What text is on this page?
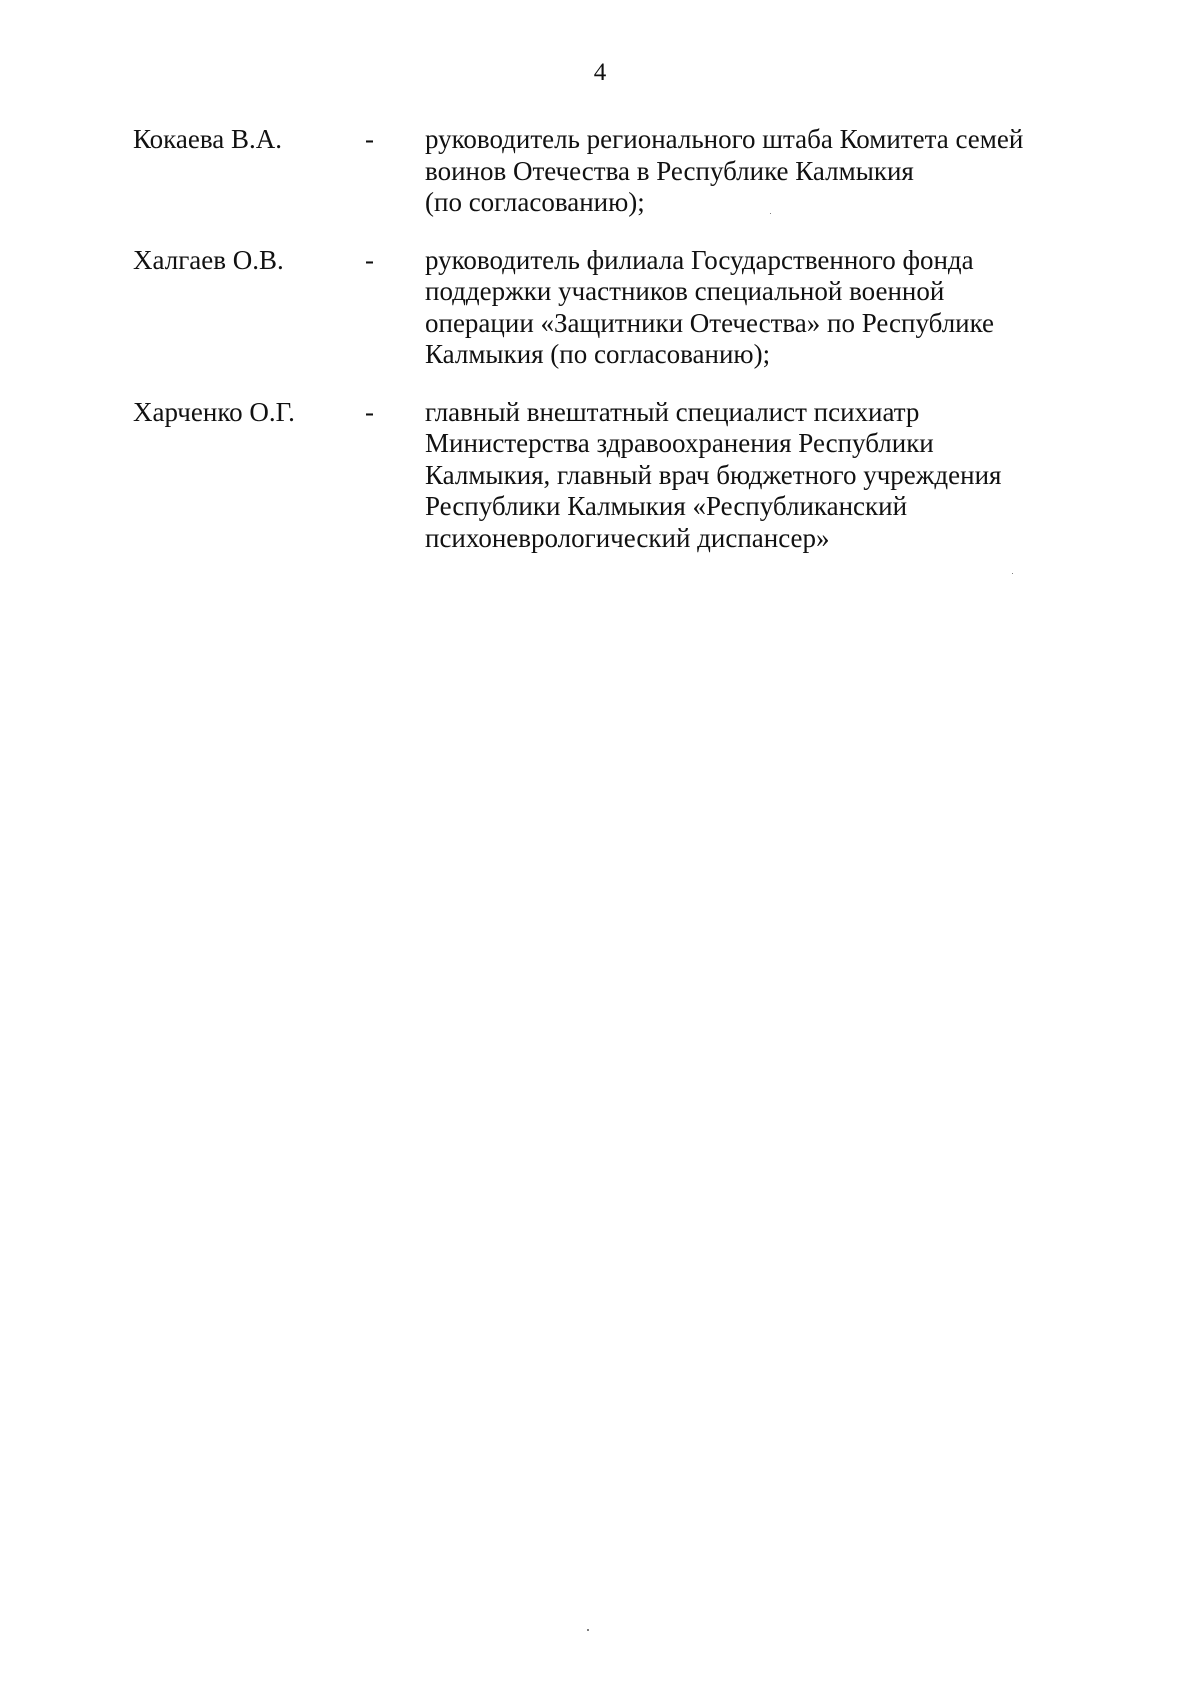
4
Кокаева В.А.	- руководитель регионального штаба Комитета семей
воинов Отечества в Республике Калмыкия
(по согласованию);
Халгаев О.В.	- руководитель филиала Государственного фонда
поддержки участников специальной военной
операции «Защитники Отечества» по Республике
Калмыкия (по согласованию);
Харченко О.Г.	- главный внештатный специалист психиатр
Министерства здравоохранения Республики
Калмыкия, главный врач бюджетного учреждения
Республики Калмыкия «Республиканский
психоневрологический диспансер»
